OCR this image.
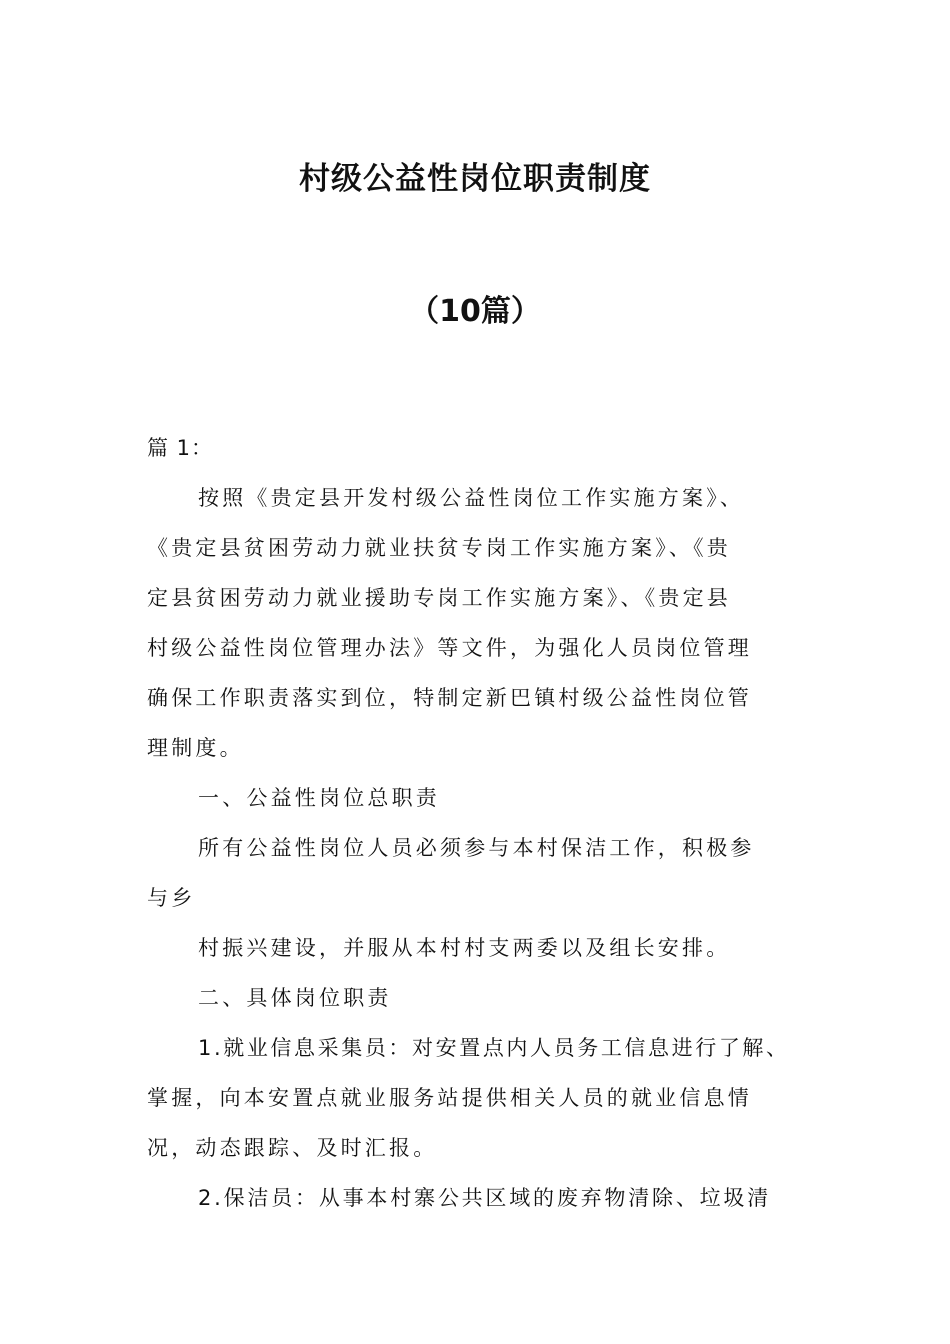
村级公益性岗位职责制度
（10篇）
篇 1：
按照《贵定县开发村级公益性岗位工作实施方案》、
《贵定县贫困劳动力就业扶贫专岗工作实施方案》、《贵
定县贫困劳动力就业援助专岗工作实施方案》、《贵定县
村级公益性岗位管理办法》等文件，为强化人员岗位管理
确保工作职责落实到位，特制定新巴镇村级公益性岗位管
理制度。
一、公益性岗位总职责
所有公益性岗位人员必须参与本村保洁工作，积极参
与乡
村振兴建设，并服从本村村支两委以及组长安排。
二、具体岗位职责
1.就业信息采集员：对安置点内人员务工信息进行了解、
掌握，向本安置点就业服务站提供相关人员的就业信息情
况，动态跟踪、及时汇报。
2.保洁员：从事本村寨公共区域的废弃物清除、垃圾清
